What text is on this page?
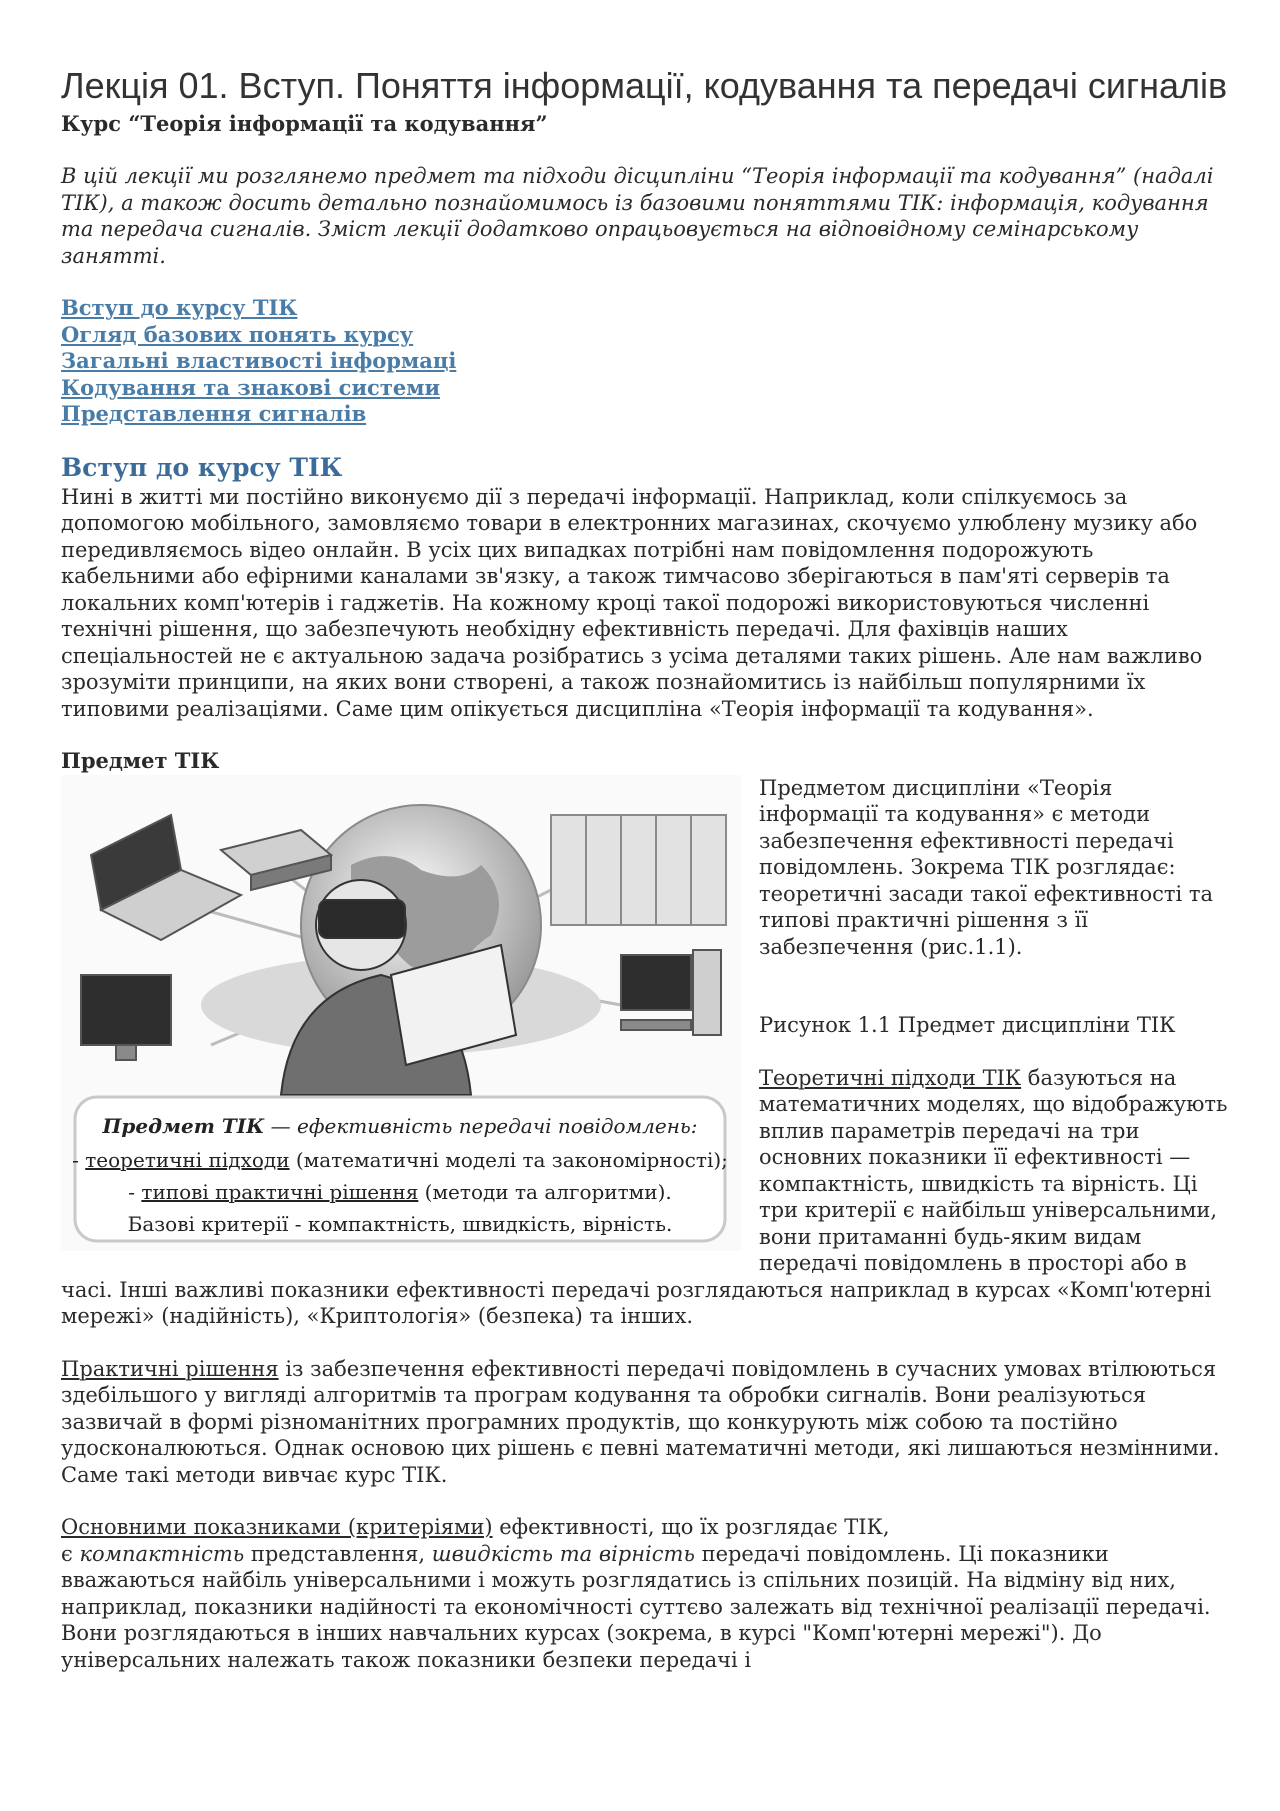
Лекція 01. Вступ. Поняття інформації, кодування та передачі сигналів
Курс “Теорія інформації та кодування”

В цій лекції ми розглянемо предмет та підходи дісципліни “Теорія інформації та кодування” (надалі ТІК), а також досить детально познайомимось із базовими поняттями ТІК: інформація, кодування та передача сигналів. Зміст лекції додатково опрацьовується на відповідному семінарському занятті.

Вступ до курсу ТІК
Огляд базових понять курсу
Загальні властивості інформаці
Кодування та знакові системи
Представлення сигналів
Вступ до курсу ТІК

Нині в житті ми постійно виконуємо дії з передачі інформації. Наприклад, коли спілкуємось за допомогою мобільного, замовляємо товари в електронних магазинах, скочуємо улюблену музику або передивляємось відео онлайн. В усіх цих випадках потрібні нам повідомлення подорожують кабельними або ефірними каналами зв'язку, а також тимчасово зберігаються в пам'яті серверів та локальних комп'ютерів і гаджетів. На кожному кроці такої подорожі використовуються численні технічні рішення, що забезпечують необхідну ефективність передачі. Для фахівців наших спеціальностей не є актуальною задача розібратись з усіма деталями таких рішень. Але нам важливо зрозуміти принципи, на яких вони створені, а також познайомитись із найбільш популярними їх типовими реалізаціями. Саме цим опікується дисципліна «Теорія інформації та кодування».

Предмет ТІК
Предмет ТІК — ефективність передачі повідомлень:
- теоретичні підходи (математичні моделі та закономірності);
- типові практичні рішення (методи та алгоритми).
Базові критерії - компактність, швидкість, вірність.

Предметом дисципліни «Теорія інформації та кодування» є методи забезпечення ефективності передачі повідомлень. Зокрема ТІК розглядає: теоретичні засади такої ефективності та типові практичні рішення з її забезпечення (рис.1.1).

Рисунок 1.1 Предмет дисципліни ТІК

Теоретичні підходи ТІК базуються на математичних моделях, що відображують вплив параметрів передачі на три основних показники її ефективності — компактність, швидкість та вірність. Ці три критерії є найбільш універсальними, вони притаманні будь-яким видам передачі повідомлень в просторі або в часі. Інші важливі показники ефективності передачі розглядаються наприклад в курсах «Комп'ютерні мережі» (надійність), «Криптологія» (безпека) та інших.

Практичні рішення із забезпечення ефективності передачі повідомлень в сучасних умовах втілюються здебільшого у вигляді алгоритмів та програм кодування та обробки сигналів. Вони реалізуються зазвичай в формі різноманітних програмних продуктів, що конкурують між собою та постійно удосконалюються. Однак основою цих рішень є певні математичні методи, які лишаються незмінними. Саме такі методи вивчає курс ТІК.

Основними показниками (критеріями) ефективності, що їх розглядає ТІК,
є компактність представлення, швидкість та вірність передачі повідомлень. Ці показники вважаються найбіль універсальними і можуть розглядатись із спільних позицій. На відміну від них, наприклад, показники надійності та економічності суттєво залежать від технічної реалізації передачі. Вони розглядаються в інших навчальних курсах (зокрема, в курсі "Комп'ютерні мережі"). До універсальних належать також показники безпеки передачі і
